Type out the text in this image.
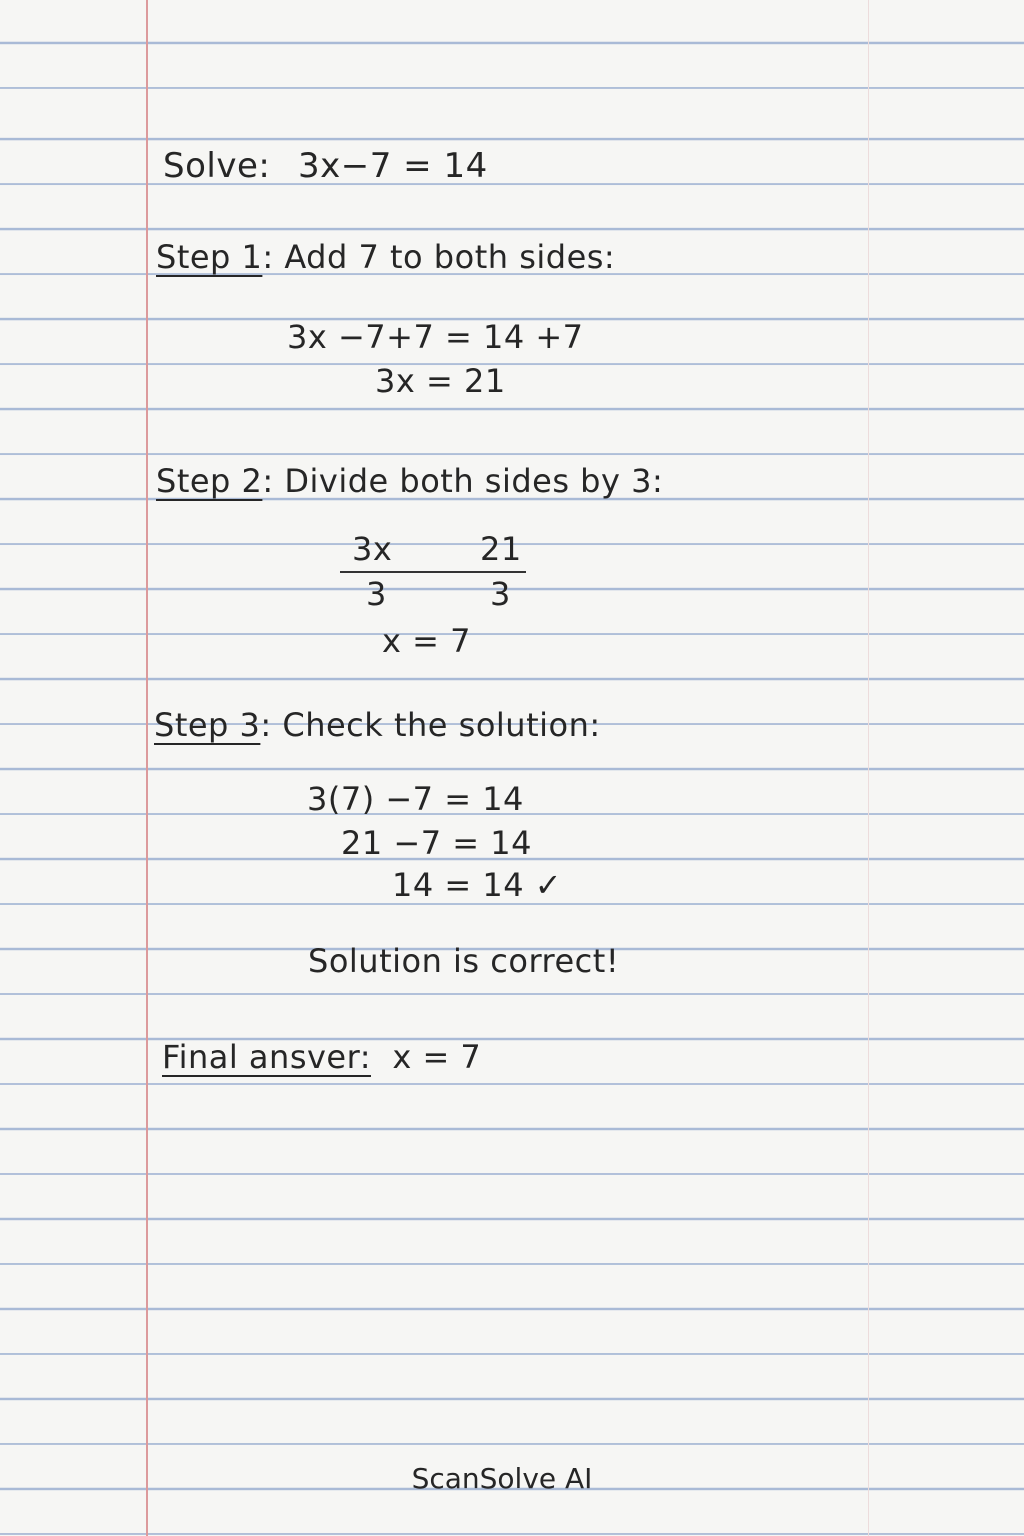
Solve: 3x−7 = 14
Step 1: Add 7 to both sides:
3x −7+7 = 14 +7
3x = 21
Step 2: Divide both sides by 3:
3x	21
3	3
x = 7
Step 3: Check the solution:
3(7) −7 = 14
21 −7 = 14
14 = 14 ✓
Solution is correct!
Final ansver: x = 7
ScanSolve AI
